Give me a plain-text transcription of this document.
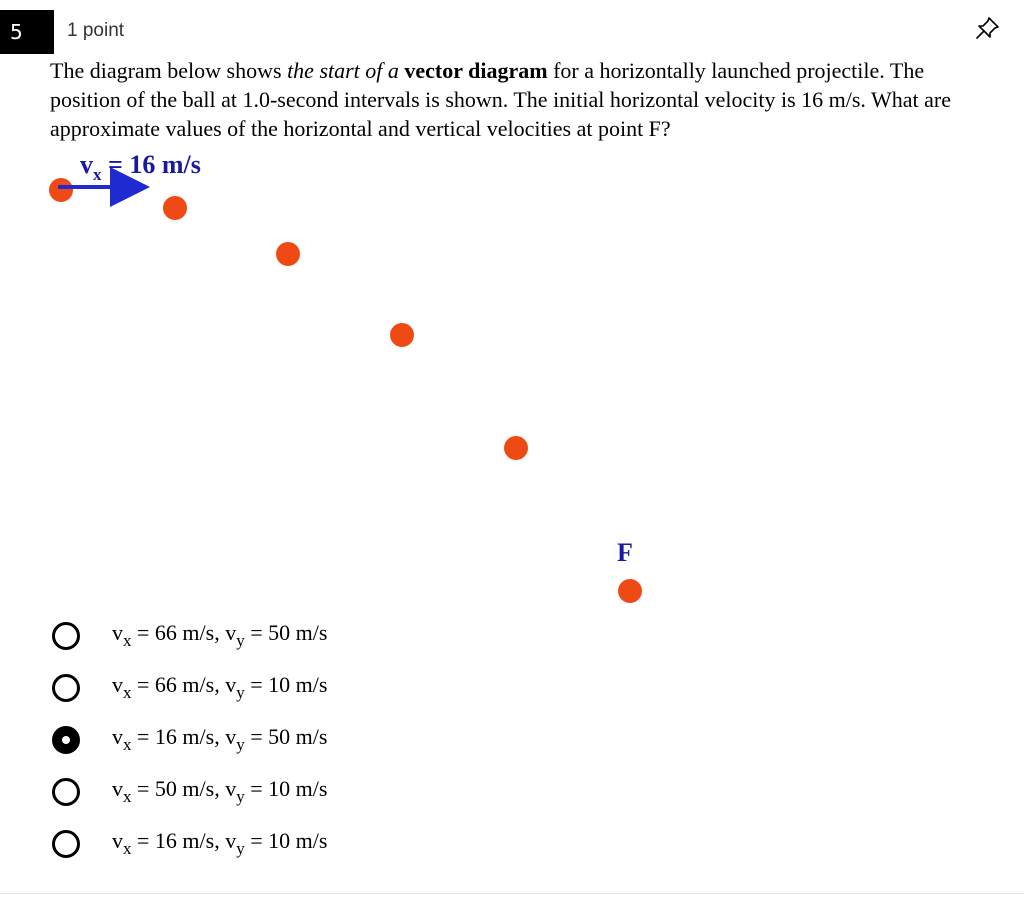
5	1 point
The diagram below shows the start of a vector diagram for a horizontally launched projectile. The position of the ball at 1.0-second intervals is shown. The initial horizontal velocity is 16 m/s. What are approximate values of the horizontal and vertical velocities at point F?
$v_x = 16$ m/s
F
$v_x = 66$ m/s, $v_y = 50$ m/s
$v_x = 66$ m/s, $v_y = 10$ m/s
$v_x = 16$ m/s, $v_y = 50$ m/s
$v_x = 50$ m/s, $v_y = 10$ m/s
$v_x = 16$ m/s, $v_y = 10$ m/s
